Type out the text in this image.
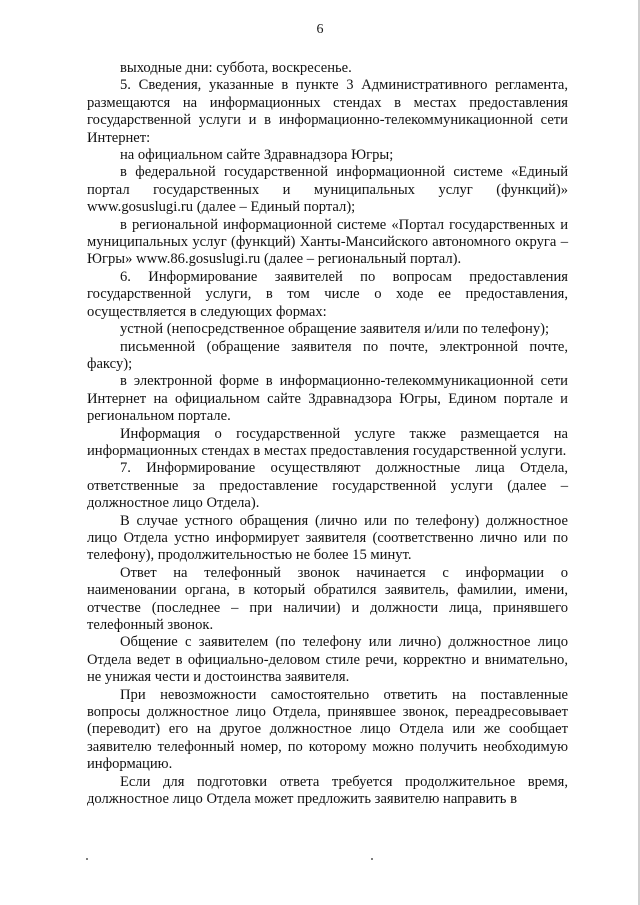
6

выходные дни: суббота, воскресенье.

5. Сведения, указанные в пункте 3 Административного регламента, размещаются на информационных стендах в местах предоставления государственной услуги и в информационно-телекоммуникационной сети Интернет:

на официальном сайте Здравнадзора Югры;

в федеральной государственной информационной системе «Единый портал государственных и муниципальных услуг (функций)» www.gosuslugi.ru (далее – Единый портал);

в региональной информационной системе «Портал государственных и муниципальных услуг (функций) Ханты-Мансийского автономного округа – Югры» www.86.gosuslugi.ru (далее – региональный портал).

6. Информирование заявителей по вопросам предоставления государственной услуги, в том числе о ходе ее предоставления, осуществляется в следующих формах:

устной (непосредственное обращение заявителя и/или по телефону);

письменной (обращение заявителя по почте, электронной почте, факсу);

в электронной форме в информационно-телекоммуникационной сети Интернет на официальном сайте Здравнадзора Югры, Едином портале и региональном портале.

Информация о государственной услуге также размещается на информационных стендах в местах предоставления государственной услуги.

7. Информирование осуществляют должностные лица Отдела, ответственные за предоставление государственной услуги (далее – должностное лицо Отдела).

В случае устного обращения (лично или по телефону) должностное лицо Отдела устно информирует заявителя (соответственно лично или по телефону), продолжительностью не более 15 минут.

Ответ на телефонный звонок начинается с информации о наименовании органа, в который обратился заявитель, фамилии, имени, отчестве (последнее – при наличии) и должности лица, принявшего телефонный звонок.

Общение с заявителем (по телефону или лично) должностное лицо Отдела ведет в официально-деловом стиле речи, корректно и внимательно, не унижая чести и достоинства заявителя.

При невозможности самостоятельно ответить на поставленные вопросы должностное лицо Отдела, принявшее звонок, переадресовывает (переводит) его на другое должностное лицо Отдела или же сообщает заявителю телефонный номер, по которому можно получить необходимую информацию.

Если для подготовки ответа требуется продолжительное время, должностное лицо Отдела может предложить заявителю направить в
